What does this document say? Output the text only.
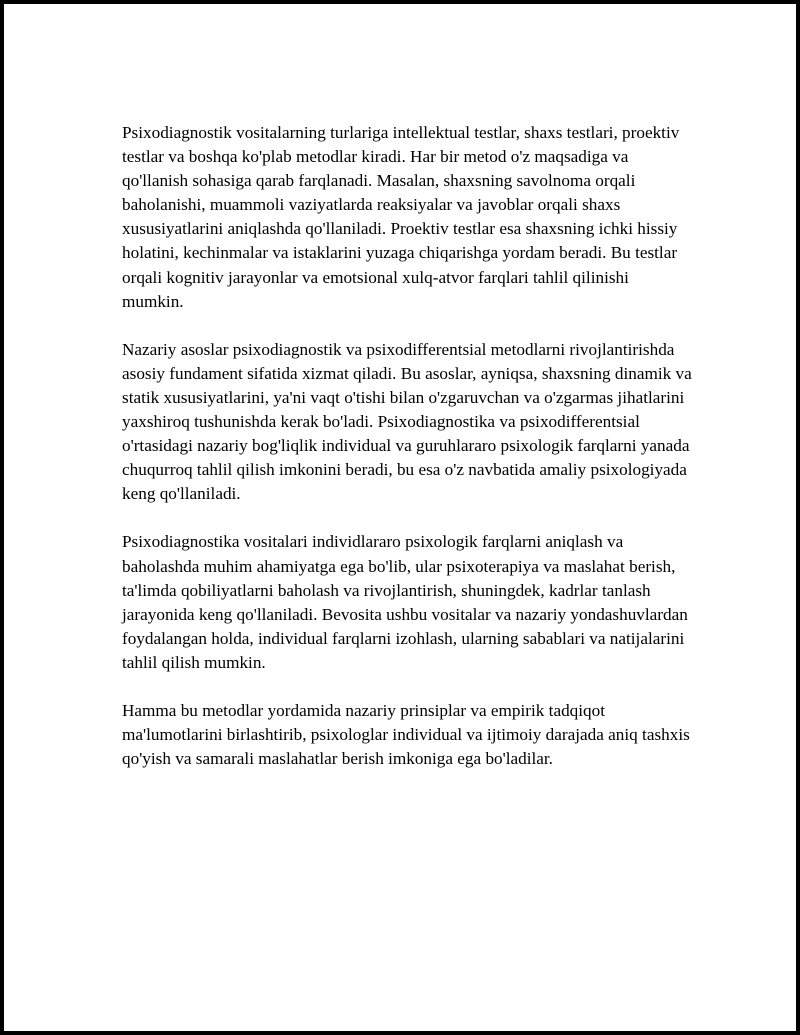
Psixodiagnostik vositalarning turlariga intellektual testlar, shaxs testlari, proektiv testlar va boshqa ko'plab metodlar kiradi. Har bir metod o'z maqsadiga va qo'llanish sohasiga qarab farqlanadi. Masalan, shaxsning savolnoma orqali baholanishi, muammoli vaziyatlarda reaksiyalar va javoblar orqali shaxs xususiyatlarini aniqlashda qo'llaniladi. Proektiv testlar esa shaxsning ichki hissiy holatini, kechinmalar va istaklarini yuzaga chiqarishga yordam beradi. Bu testlar orqali kognitiv jarayonlar va emotsional xulq-atvor farqlari tahlil qilinishi mumkin.

Nazariy asoslar psixodiagnostik va psixodifferentsial metodlarni rivojlantirishda asosiy fundament sifatida xizmat qiladi. Bu asoslar, ayniqsa, shaxsning dinamik va statik xususiyatlarini, ya'ni vaqt o'tishi bilan o'zgaruvchan va o'zgarmas jihatlarini yaxshiroq tushunishda kerak bo'ladi. Psixodiagnostika va psixodifferentsial o'rtasidagi nazariy bog'liqlik individual va guruhlararo psixologik farqlarni yanada chuqurroq tahlil qilish imkonini beradi, bu esa o'z navbatida amaliy psixologiyada keng qo'llaniladi.

Psixodiagnostika vositalari individlararo psixologik farqlarni aniqlash va baholashda muhim ahamiyatga ega bo'lib, ular psixoterapiya va maslahat berish, ta'limda qobiliyatlarni baholash va rivojlantirish, shuningdek, kadrlar tanlash jarayonida keng qo'llaniladi. Bevosita ushbu vositalar va nazariy yondashuvlardan foydalangan holda, individual farqlarni izohlash, ularning sabablari va natijalarini tahlil qilish mumkin.

Hamma bu metodlar yordamida nazariy prinsiplar va empirik tadqiqot ma'lumotlarini birlashtirib, psixologlar individual va ijtimoiy darajada aniq tashxis qo'yish va samarali maslahatlar berish imkoniga ega bo'ladilar.
